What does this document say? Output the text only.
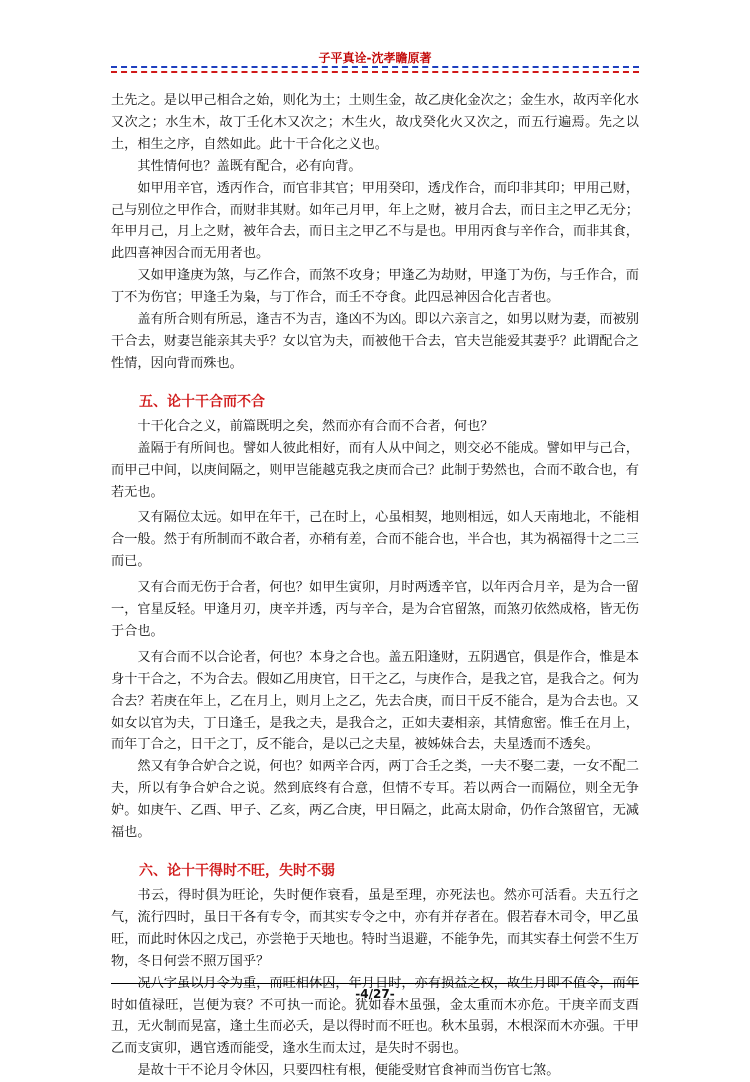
子平真诠-沈孝瞻原著

土先之。是以甲己相合之始，则化为土；土则生金，故乙庚化金次之；金生水，故丙辛化水又次之；水生木，故丁壬化木又次之；木生火，故戊癸化火又次之，而五行遍焉。先之以土，相生之序，自然如此。此十干合化之义也。

其性情何也？盖既有配合，必有向背。

如甲用辛官，透丙作合，而官非其官；甲用癸印，透戊作合，而印非其印；甲用己财，己与别位之甲作合，而财非其财。如年己月甲，年上之财，被月合去，而日主之甲乙无分；年甲月己，月上之财，被年合去，而日主之甲乙不与是也。甲用丙食与辛作合，而非其食，此四喜神因合而无用者也。

又如甲逢庚为煞，与乙作合，而煞不攻身；甲逢乙为劫财，甲逢丁为伤，与壬作合，而丁不为伤官；甲逢壬为枭，与丁作合，而壬不夺食。此四忌神因合化吉者也。

盖有所合则有所忌，逢吉不为吉，逢凶不为凶。即以六亲言之，如男以财为妻，而被别干合去，财妻岂能亲其夫乎？女以官为夫，而被他干合去，官夫岂能爱其妻乎？此谓配合之性情，因向背而殊也。

五、论十干合而不合

十干化合之义，前篇既明之矣，然而亦有合而不合者，何也？

盖隔于有所间也。譬如人彼此相好，而有人从中间之，则交必不能成。譬如甲与己合，而甲己中间，以庚间隔之，则甲岂能越克我之庚而合己？此制于势然也，合而不敢合也，有若无也。

又有隔位太远。如甲在年干，己在时上，心虽相契，地则相远，如人天南地北，不能相合一般。然于有所制而不敢合者，亦稍有差，合而不能合也，半合也，其为祸福得十之二三而已。

又有合而无伤于合者，何也？如甲生寅卯，月时两透辛官，以年丙合月辛，是为合一留一，官星反轻。甲逢月刃，庚辛并透，丙与辛合，是为合官留煞，而煞刃依然成格，皆无伤于合也。

又有合而不以合论者，何也？本身之合也。盖五阳逢财，五阴遇官，俱是作合，惟是本身十干合之，不为合去。假如乙用庚官，日干之乙，与庚作合，是我之官，是我合之。何为合去？若庚在年上，乙在月上，则月上之乙，先去合庚，而日干反不能合，是为合去也。又如女以官为夫，丁日逢壬，是我之夫，是我合之，正如夫妻相亲，其情愈密。惟壬在月上，而年丁合之，日干之丁，反不能合，是以己之夫星，被姊妹合去，夫星透而不透矣。

然又有争合妒合之说，何也？如两辛合丙，两丁合壬之类，一夫不娶二妻，一女不配二夫，所以有争合妒合之说。然到底终有合意，但情不专耳。若以两合一而隔位，则全无争妒。如庚午、乙酉、甲子、乙亥，两乙合庚，甲日隔之，此高太尉命，仍作合煞留官，无减福也。

六、论十干得时不旺，失时不弱

书云，得时俱为旺论，失时便作衰看，虽是至理，亦死法也。然亦可活看。夫五行之气，流行四时，虽日干各有专令，而其实专令之中，亦有并存者在。假若春木司令，甲乙虽旺，而此时休囚之戊己，亦尝艳于天地也。特时当退避，不能争先，而其实春土何尝不生万物，冬日何尝不照万国乎？

况八字虽以月令为重，而旺相休囚，年月日时，亦有损益之权，故生月即不值令，而年时如值禄旺，岂便为衰？不可执一而论。犹如春木虽强，金太重而木亦危。干庚辛而支酉丑，无火制而晃富，逢土生而必夭，是以得时而不旺也。秋木虽弱，木根深而木亦强。干甲乙而支寅卯，遇官透而能受，逢水生而太过，是失时不弱也。

是故十干不论月令休囚，只要四柱有根，便能受财官食神而当伤官七煞。

-4/27-
